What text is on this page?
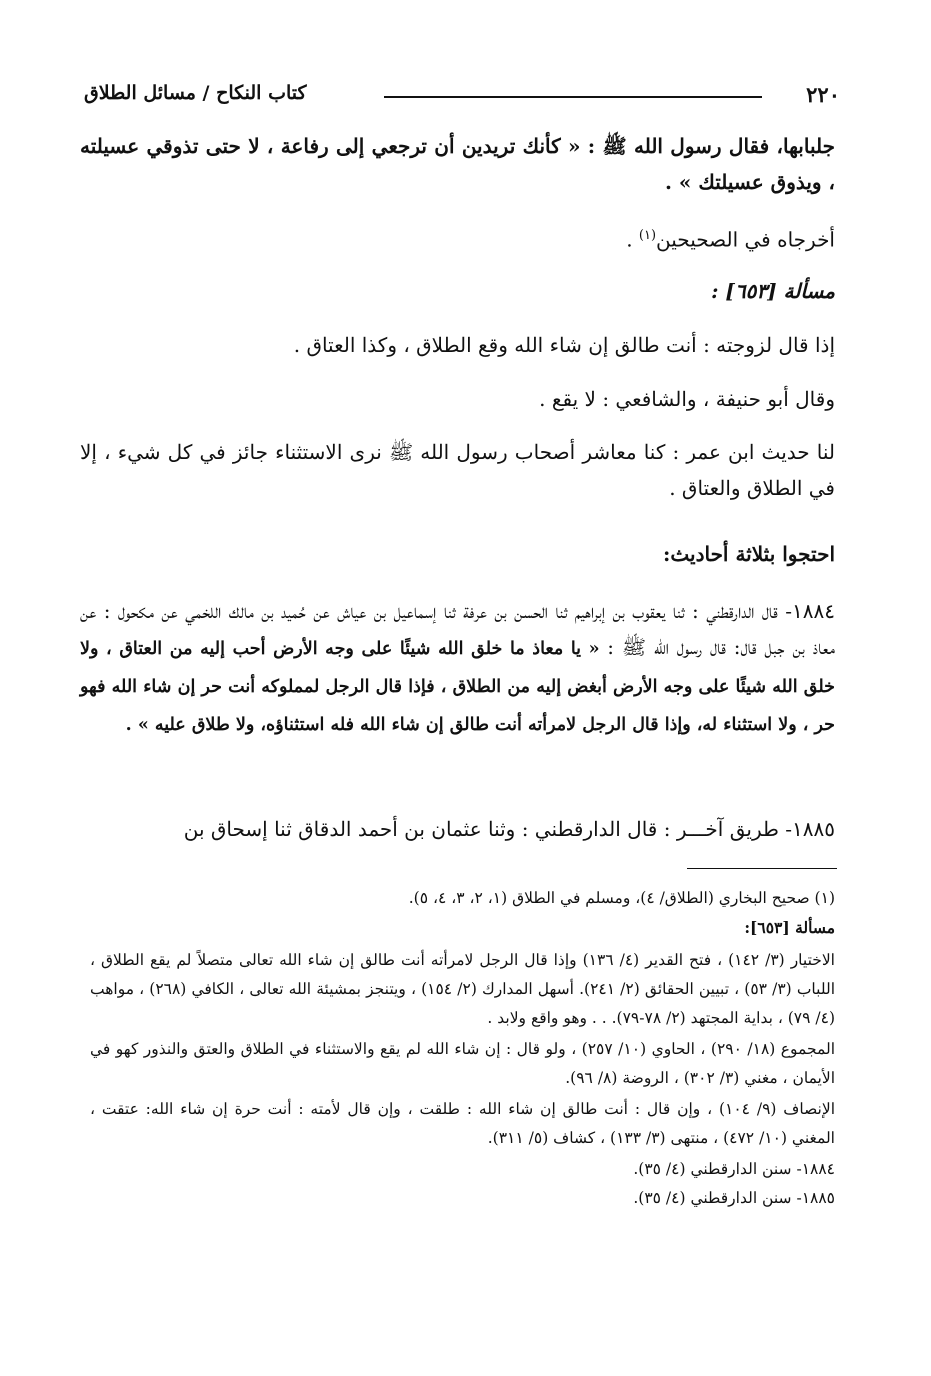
٢٢٠
كتاب النكاح / مسائل الطلاق

جلبابها، فقال رسول الله ﷺ : « كأنك تريدين أن ترجعي إلى رفاعة ، لا حتى تذوقي عسيلته ، ويذوق عسيلتك » .

أخرجاه في الصحيحين$^{(١)}$ .

مسألة [٦٥٣] :

إذا قال لزوجته : أنت طالق إن شاء الله وقع الطلاق ، وكذا العتاق .

وقال أبو حنيفة ، والشافعي : لا يقع .

لنا حديث ابن عمر : كنا معاشر أصحاب رسول الله ﷺ نرى الاستثناء جائز في كل شيء ، إلا في الطلاق والعتاق .

احتجوا بثلاثة أحاديث:

١٨٨٤- قال الدارقطني : ثنا يعقوب بن إبراهيم ثنا الحسن بن عرفة ثنا إسماعيل بن عياش عن حُميد بن مالك اللخمي عن مكحول : عن معاذ بن جبل قال: قال رسول الله ﷺ : « يا معاذ ما خلق الله شيئًا على وجه الأرض أحب إليه من العتاق ، ولا خلق الله شيئًا على وجه الأرض أبغض إليه من الطلاق ، فإذا قال الرجل لمملوكه أنت حر إن شاء الله فهو حر ، ولا استثناء له، وإذا قال الرجل لامرأته أنت طالق إن شاء الله فله استثناؤه، ولا طلاق عليه » .

١٨٨٥- طريق آخـــر : قال الدارقطني : وثنا عثمان بن أحمد الدقاق ثنا إسحاق بن

(١) صحيح البخاري (الطلاق/ ٤)، ومسلم في الطلاق (١، ٢، ٣، ٤، ٥).

مسألة [٦٥٣]:

الاختيار (٣/ ١٤٢) ، فتح القدير (٤/ ١٣٦) وإذا قال الرجل لامرأته أنت طالق إن شاء الله تعالى متصلاً لم يقع الطلاق ، اللباب (٣/ ٥٣) ، تبيين الحقائق (٢/ ٢٤١). أسهل المدارك (٢/ ١٥٤) ، ويتنجز بمشيئة الله تعالى ، الكافي (٢٦٨) ، مواهب (٤/ ٧٩) ، بداية المجتهد (٢/ ٧٨-٧٩). . . وهو واقع ولابد .

المجموع (١٨/ ٢٩٠) ، الحاوي (١٠/ ٢٥٧) ، ولو قال : إن شاء الله لم يقع والاستثناء في الطلاق والعتق والنذور كهو في الأيمان ، مغني (٣/ ٣٠٢) ، الروضة (٨/ ٩٦).

الإنصاف (٩/ ١٠٤) ، وإن قال : أنت طالق إن شاء الله : طلقت ، وإن قال لأمته : أنت حرة إن شاء الله: عتقت ، المغني (١٠/ ٤٧٢) ، منتهى (٣/ ١٣٣) ، كشاف (٥/ ٣١١).

١٨٨٤- سنن الدارقطني (٤/ ٣٥).

١٨٨٥- سنن الدارقطني (٤/ ٣٥).
